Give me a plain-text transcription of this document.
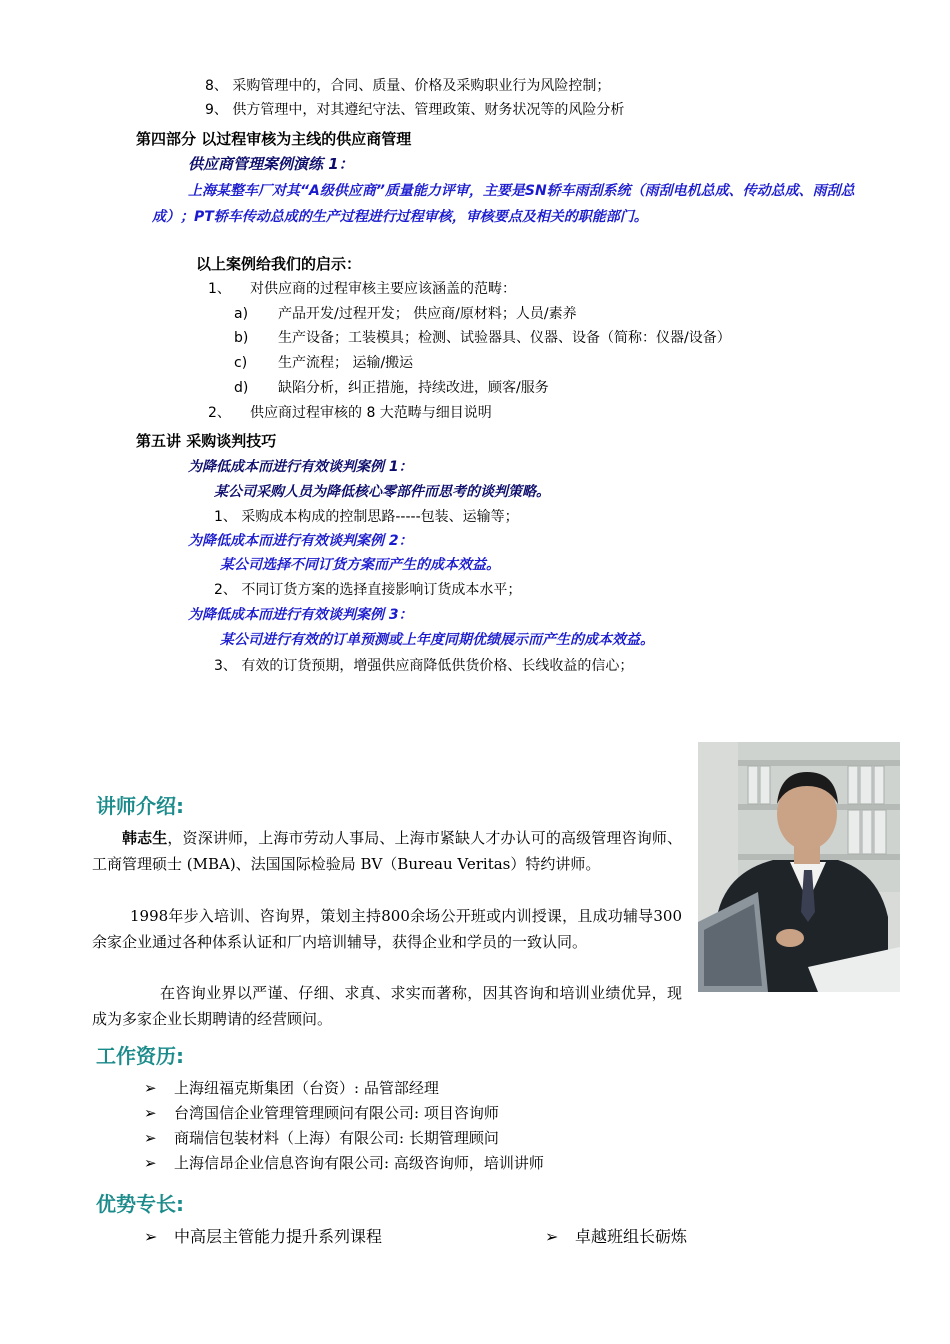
8、 采购管理中的，合同、质量、价格及采购职业行为风险控制；
9、 供方管理中，对其遵纪守法、管理政策、财务状况等的风险分析
第四部分 以过程审核为主线的供应商管理
供应商管理案例演练 1：
上海某整车厂对其“A级供应商”质量能力评审，主要是SN轿车雨刮系统（雨刮电机总成、传动总成、雨刮总成）；PT轿车传动总成的生产过程进行过程审核，审核要点及相关的职能部门。
以上案例给我们的启示：
1、 对供应商的过程审核主要应该涵盖的范畴：
a) 产品开发/过程开发； 供应商/原材料；人员/素养
b) 生产设备；工装模具；检测、试验器具、仪器、设备（简称：仪器/设备）
c) 生产流程； 运输/搬运
d) 缺陷分析，纠正措施，持续改进，顾客/服务
2、 供应商过程审核的 8 大范畴与细目说明
第五讲 采购谈判技巧
为降低成本而进行有效谈判案例 1：
某公司采购人员为降低核心零部件而思考的谈判策略。
1、 采购成本构成的控制思路-----包装、运输等；
为降低成本而进行有效谈判案例 2：
某公司选择不同订货方案而产生的成本效益。
2、 不同订货方案的选择直接影响订货成本水平；
为降低成本而进行有效谈判案例 3：
某公司进行有效的订单预测或上年度同期优绩展示而产生的成本效益。
3、 有效的订货预期，增强供应商降低供货价格、长线收益的信心；
讲师介绍:
韩志生，资深讲师，上海市劳动人事局、上海市紧缺人才办认可的高级管理咨询师、工商管理硕士 (MBA)、法国国际检验局 BV（Bureau Veritas）特约讲师。
1998年步入培训、咨询界，策划主持800余场公开班或内训授课，且成功辅导300余家企业通过各种体系认证和厂内培训辅导，获得企业和学员的一致认同。
在咨询业界以严谨、仔细、求真、求实而著称，因其咨询和培训业绩优异，现成为多家企业长期聘请的经营顾问。
工作资历:
➢ 上海纽福克斯集团（台资）: 品管部经理
➢ 台湾国信企业管理管理顾问有限公司: 项目咨询师
➢ 商瑞信包装材料（上海）有限公司: 长期管理顾问
➢ 上海信昂企业信息咨询有限公司: 高级咨询师，培训讲师
优势专长:
➢ 中高层主管能力提升系列课程	➢ 卓越班组长砺炼
